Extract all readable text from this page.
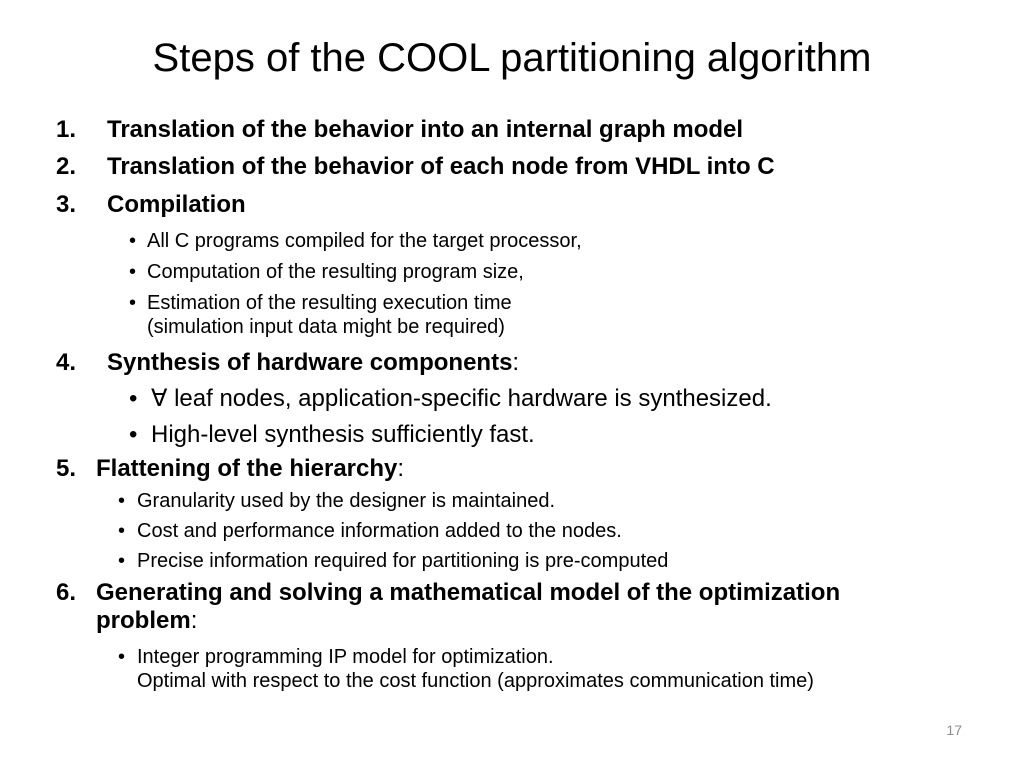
Steps of the COOL partitioning algorithm
1.	Translation of the behavior into an internal graph model
2.	Translation of the behavior of each node from VHDL into C
3.	Compilation
• All C programs compiled for the target processor,
• Computation of the resulting program size,
• Estimation of the resulting execution time
(simulation input data might be required)
4.	Synthesis of hardware components:
• ∀ leaf nodes, application-specific hardware is synthesized.
• High-level synthesis sufficiently fast.
5. Flattening of the hierarchy:
• Granularity used by the designer is maintained.
• Cost and performance information added to the nodes.
• Precise information required for partitioning is pre-computed
6. Generating and solving a mathematical model of the optimization
problem:
• Integer programming IP model for optimization.
Optimal with respect to the cost function (approximates communication time)
17
